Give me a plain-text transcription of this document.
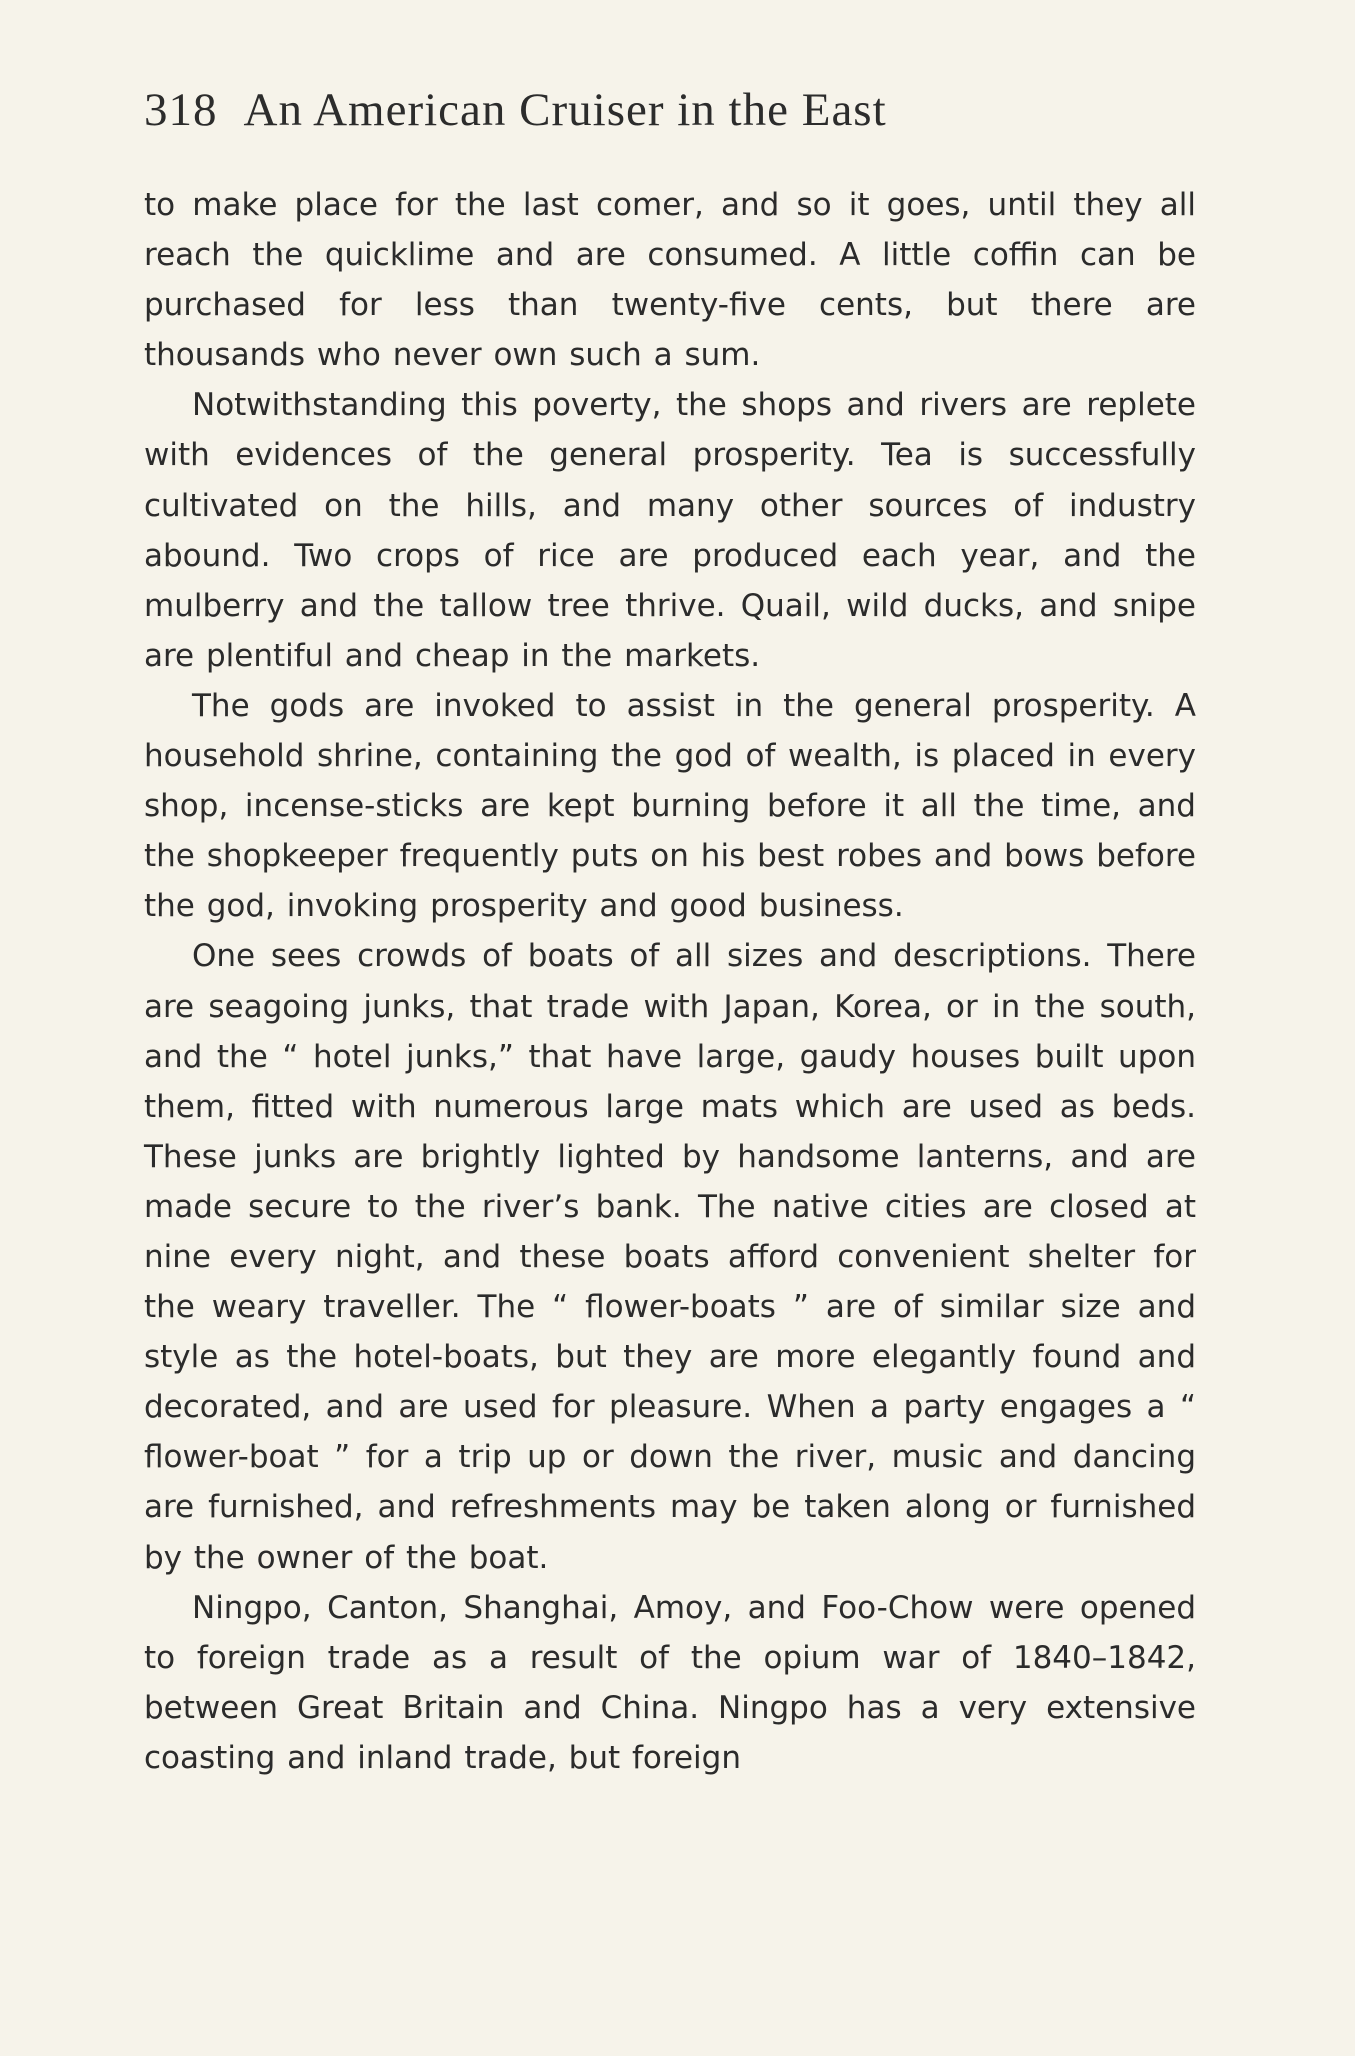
318 An American Cruiser in the East

to make place for the last comer, and so it goes, until they all reach the quicklime and are consumed. A little coffin can be purchased for less than twenty-five cents, but there are thousands who never own such a sum.

Notwithstanding this poverty, the shops and rivers are replete with evidences of the general prosperity. Tea is successfully cultivated on the hills, and many other sources of industry abound. Two crops of rice are produced each year, and the mulberry and the tallow tree thrive. Quail, wild ducks, and snipe are plentiful and cheap in the markets.

The gods are invoked to assist in the general prosperity. A household shrine, containing the god of wealth, is placed in every shop, incense-sticks are kept burning before it all the time, and the shopkeeper frequently puts on his best robes and bows before the god, invoking prosperity and good business.

One sees crowds of boats of all sizes and descriptions. There are seagoing junks, that trade with Japan, Korea, or in the south, and the “ hotel junks,” that have large, gaudy houses built upon them, fitted with numerous large mats which are used as beds. These junks are brightly lighted by handsome lanterns, and are made secure to the river’s bank. The native cities are closed at nine every night, and these boats afford convenient shelter for the weary traveller. The “ flower-boats ” are of similar size and style as the hotel-boats, but they are more elegantly found and decorated, and are used for pleasure. When a party engages a “ flower-boat ” for a trip up or down the river, music and dancing are furnished, and refreshments may be taken along or furnished by the owner of the boat.

Ningpo, Canton, Shanghai, Amoy, and Foo-Chow were opened to foreign trade as a result of the opium war of 1840–1842, between Great Britain and China. Ningpo has a very extensive coasting and inland trade, but foreign
